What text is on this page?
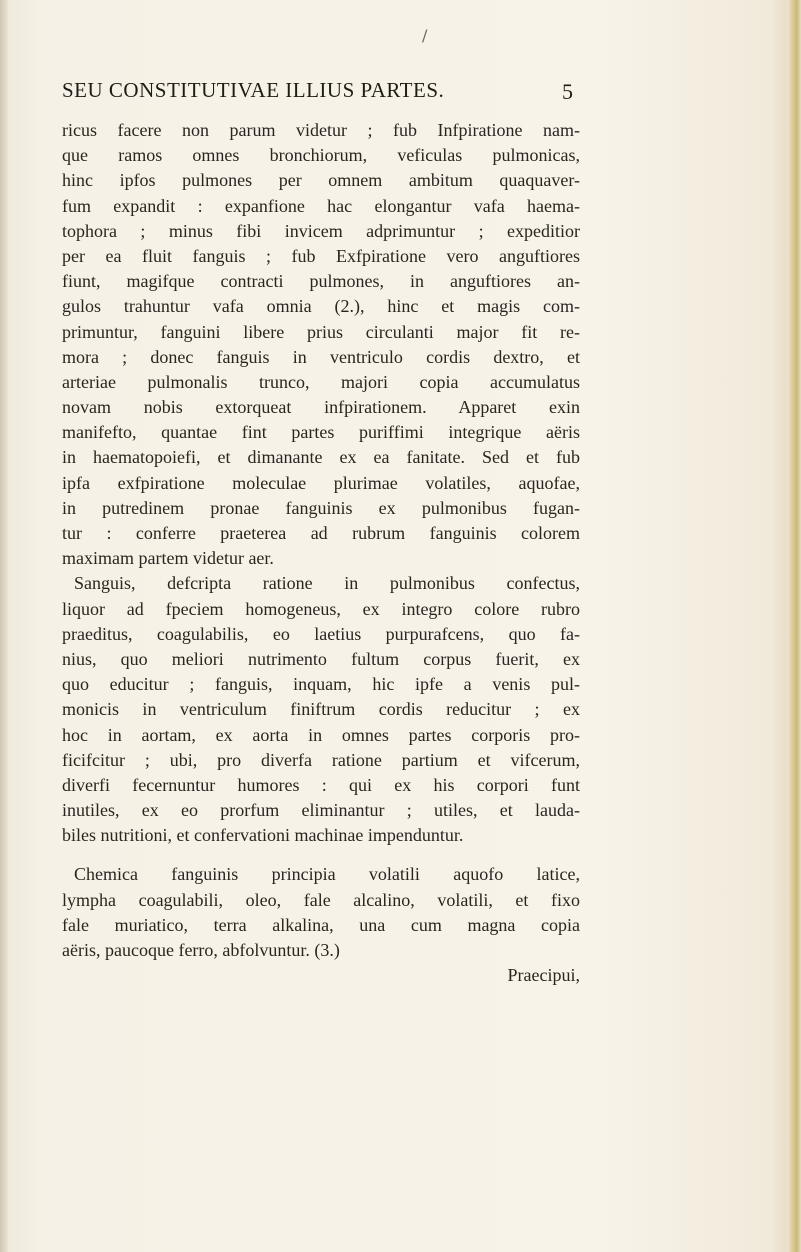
/
SEU CONSTITUTIVAE ILLIUS PARTES.	5
ricus facere non parum videtur ; fub Infpiratione nam-
que ramos omnes bronchiorum, veficulas pulmonicas,
hinc ipfos pulmones per omnem ambitum quaquaver-
fum expandit : expanfione hac elongantur vafa haema-
tophora ; minus fibi invicem adprimuntur ; expeditior
per ea fluit fanguis ; fub Exfpiratione vero anguftiores
fiunt, magifque contracti pulmones, in anguftiores an-
gulos trahuntur vafa omnia (2.), hinc et magis com-
primuntur, fanguini libere prius circulanti major fit re-
mora ; donec fanguis in ventriculo cordis dextro, et
arteriae pulmonalis trunco, majori copia accumulatus
novam nobis extorqueat infpirationem. Apparet exin
manifefto, quantae fint partes puriffimi integrique aëris
in haematopoiefi, et dimanante ex ea fanitate. Sed et fub
ipfa exfpiratione moleculae plurimae volatiles, aquofae,
in putredinem pronae fanguinis ex pulmonibus fugan-
tur : conferre praeterea ad rubrum fanguinis colorem
maximam partem videtur aer.
Sanguis, defcripta ratione in pulmonibus confectus,
liquor ad fpeciem homogeneus, ex integro colore rubro
praeditus, coagulabilis, eo laetius purpurafcens, quo fa-
nius, quo meliori nutrimento fultum corpus fuerit, ex
quo educitur ; fanguis, inquam, hic ipfe a venis pul-
monicis in ventriculum finiftrum cordis reducitur ; ex
hoc in aortam, ex aorta in omnes partes corporis pro-
ficifcitur ; ubi, pro diverfa ratione partium et vifcerum,
diverfi fecernuntur humores : qui ex his corpori funt
inutiles, ex eo prorfum eliminantur ; utiles, et lauda-
biles nutritioni, et confervationi machinae impenduntur.
Chemica fanguinis principia volatili aquofo latice,
lympha coagulabili, oleo, fale alcalino, volatili, et fixo
fale muriatico, terra alkalina, una cum magna copia
aëris, paucoque ferro, abfolvuntur. (3.)
Praecipui,
